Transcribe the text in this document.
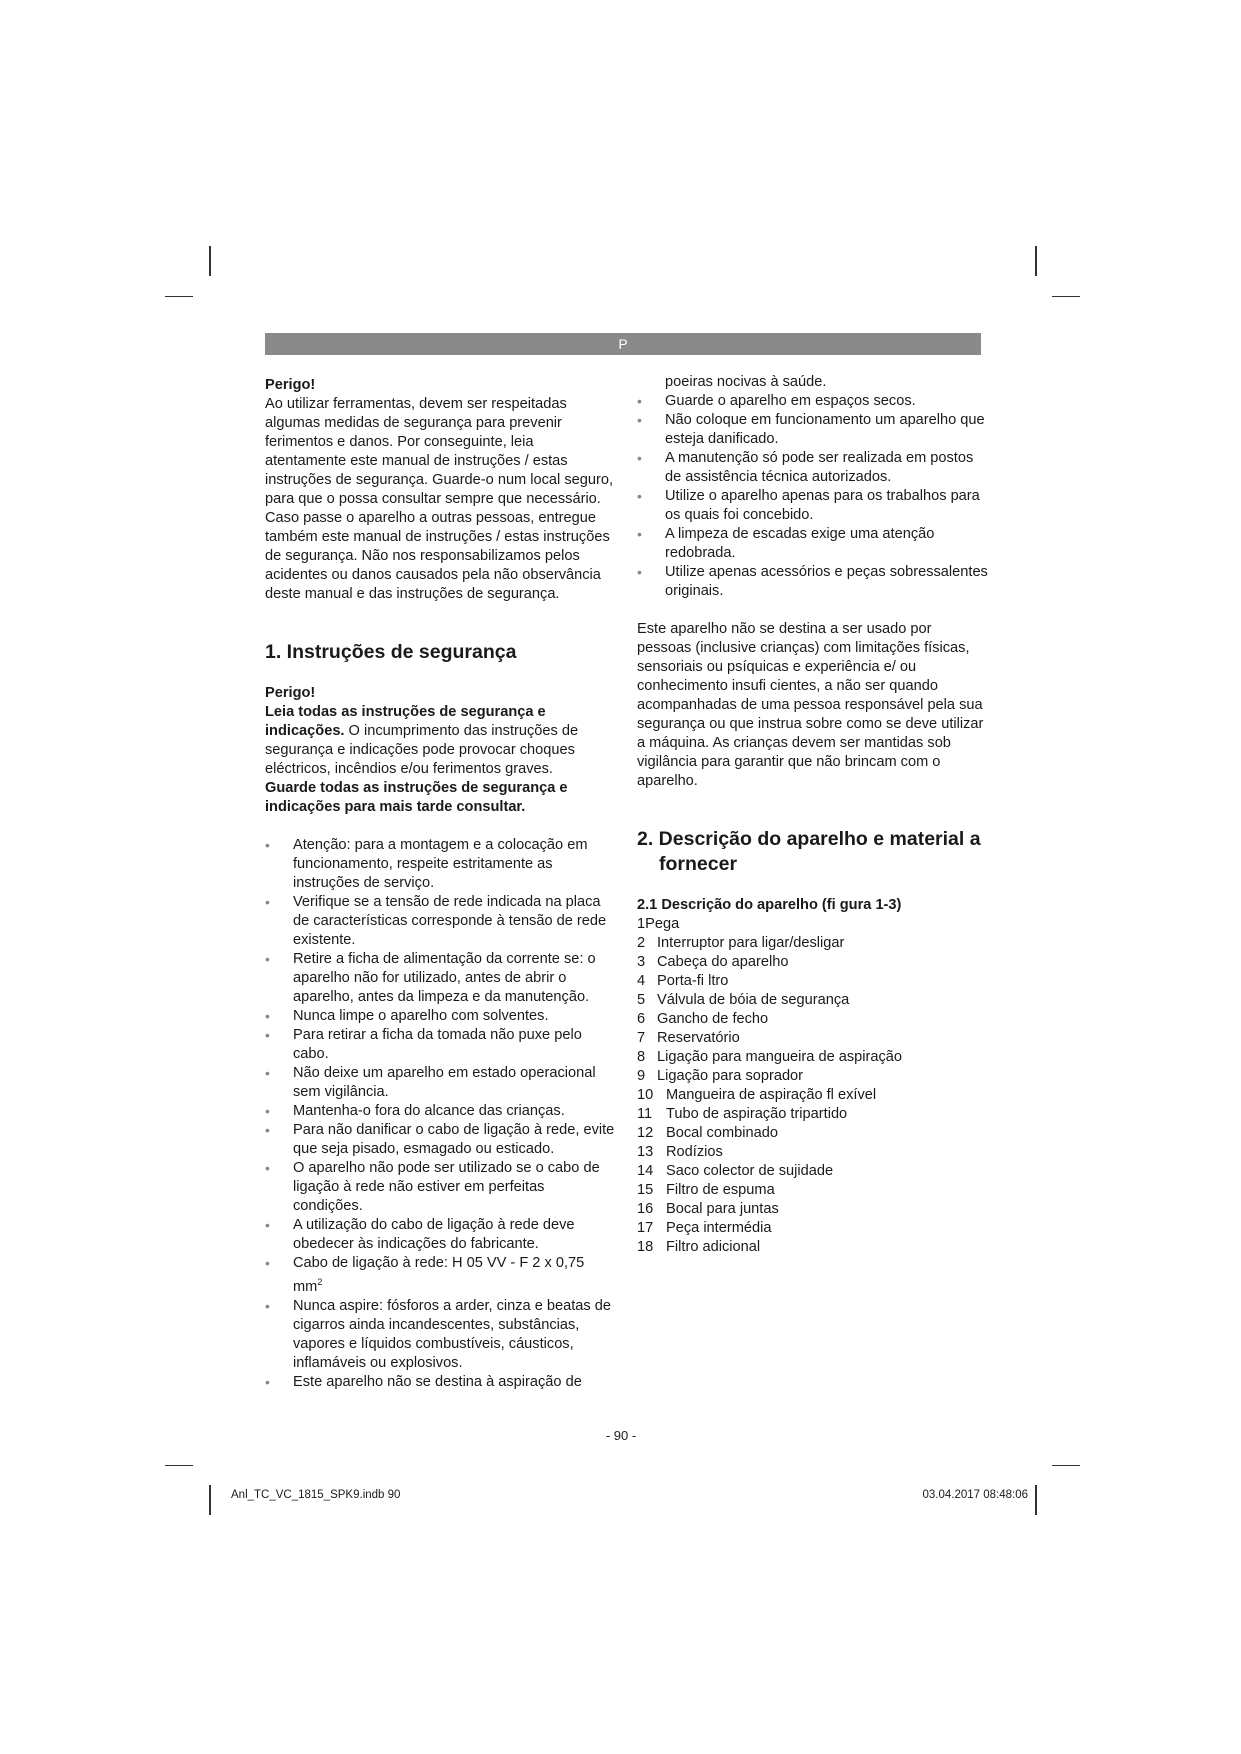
P

Perigo!

Ao utilizar ferramentas, devem ser respeitadas algumas medidas de segurança para prevenir ferimentos e danos. Por conseguinte, leia atentamente este manual de instruções / estas instruções de segurança. Guarde-o num local seguro, para que o possa consultar sempre que necessário. Caso passe o aparelho a outras pessoas, entregue também este manual de instruções / estas instruções de segurança. Não nos responsabilizamos pelos acidentes ou danos causados pela não observância deste manual e das instruções de segurança.

1. Instruções de segurança

Perigo!

Leia todas as instruções de segurança e indicações. O incumprimento das instruções de segurança e indicações pode provocar choques eléctricos, incêndios e/ou ferimentos graves.

Guarde todas as instruções de segurança e indicações para mais tarde consultar.

• Atenção: para a montagem e a colocação em funcionamento, respeite estritamente as instruções de serviço.
• Verifique se a tensão de rede indicada na placa de características corresponde à tensão de rede existente.
• Retire a ficha de alimentação da corrente se: o aparelho não for utilizado, antes de abrir o aparelho, antes da limpeza e da manutenção.
• Nunca limpe o aparelho com solventes.
• Para retirar a ficha da tomada não puxe pelo cabo.
• Não deixe um aparelho em estado operacional sem vigilância.
• Mantenha-o fora do alcance das crianças.
• Para não danificar o cabo de ligação à rede, evite que seja pisado, esmagado ou esticado.
• O aparelho não pode ser utilizado se o cabo de ligação à rede não estiver em perfeitas condições.
• A utilização do cabo de ligação à rede deve obedecer às indicações do fabricante.
• Cabo de ligação à rede: H 05 VV - F 2 x 0,75 $mm^2$
• Nunca aspire: fósforos a arder, cinza e beatas de cigarros ainda incandescentes, substâncias, vapores e líquidos combustíveis, cáusticos, inflamáveis ou explosivos.
• Este aparelho não se destina à aspiração de

poeiras nocivas à saúde.

• Guarde o aparelho em espaços secos.
• Não coloque em funcionamento um aparelho que esteja danificado.
• A manutenção só pode ser realizada em postos de assistência técnica autorizados.
• Utilize o aparelho apenas para os trabalhos para os quais foi concebido.
• A limpeza de escadas exige uma atenção redobrada.
• Utilize apenas acessórios e peças sobressalentes originais.

Este aparelho não se destina a ser usado por pessoas (inclusive crianças) com limitações físicas, sensoriais ou psíquicas e experiência e/ ou conhecimento insufi cientes, a não ser quando acompanhadas de uma pessoa responsável pela sua segurança ou que instrua sobre como se deve utilizar a máquina. As crianças devem ser mantidas sob vigilância para garantir que não brincam com o aparelho.

2. Descrição do aparelho e material a fornecer

2.1 Descrição do aparelho (fi gura 1-3)

1Pega

2 Interruptor para ligar/desligar
3 Cabeça do aparelho
4 Porta-fi ltro
5 Válvula de bóia de segurança
6 Gancho de fecho
7 Reservatório
8 Ligação para mangueira de aspiração
9 Ligação para soprador
10 Mangueira de aspiração fl exível
11 Tubo de aspiração tripartido
12 Bocal combinado
13 Rodízios
14 Saco colector de sujidade
15 Filtro de espuma
16 Bocal para juntas
17 Peça intermédia
18 Filtro adicional
- 90 -
Anl_TC_VC_1815_SPK9.indb 90	03.04.2017 08:48:06
